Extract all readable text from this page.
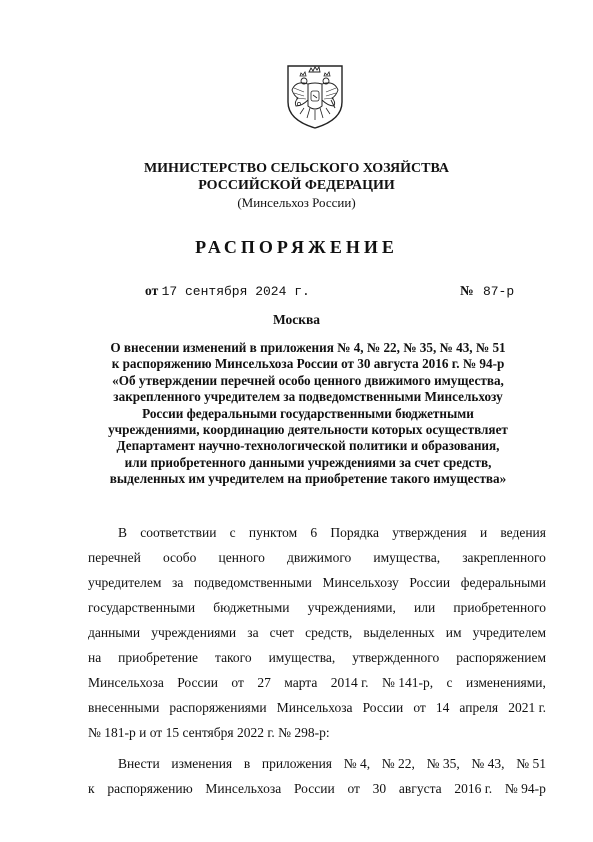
МИНИСТЕРСТВО СЕЛЬСКОГО ХОЗЯЙСТВА
РОССИЙСКОЙ ФЕДЕРАЦИИ
(Минсельхоз России)
РАСПОРЯЖЕНИЕ
от 17 сентября 2024 г.	№ 87-р
Москва
О внесении изменений в приложения № 4, № 22, № 35, № 43, № 51
к распоряжению Минсельхоза России от 30 августа 2016 г. № 94-р
«Об утверждении перечней особо ценного движимого имущества,
закрепленного учредителем за подведомственными Минсельхозу
России федеральными государственными бюджетными
учреждениями, координацию деятельности которых осуществляет
Департамент научно-технологической политики и образования,
или приобретенного данными учреждениями за счет средств,
выделенных им учредителем на приобретение такого имущества»
В соответствии с пунктом 6 Порядка утверждения и ведения
перечней особо ценного движимого имущества, закрепленного
учредителем за подведомственными Минсельхозу России федеральными
государственными бюджетными учреждениями, или приобретенного
данными учреждениями за счет средств, выделенных им учредителем
на приобретение такого имущества, утвержденного распоряжением
Минсельхоза России от 27 марта 2014 г. № 141-р, с изменениями,
внесенными распоряжениями Минсельхоза России от 14 апреля 2021 г.
№ 181-р и от 15 сентября 2022 г. № 298-р:
Внести изменения в приложения № 4, № 22, № 35, № 43, № 51
к распоряжению Минсельхоза России от 30 августа 2016 г. № 94-р
